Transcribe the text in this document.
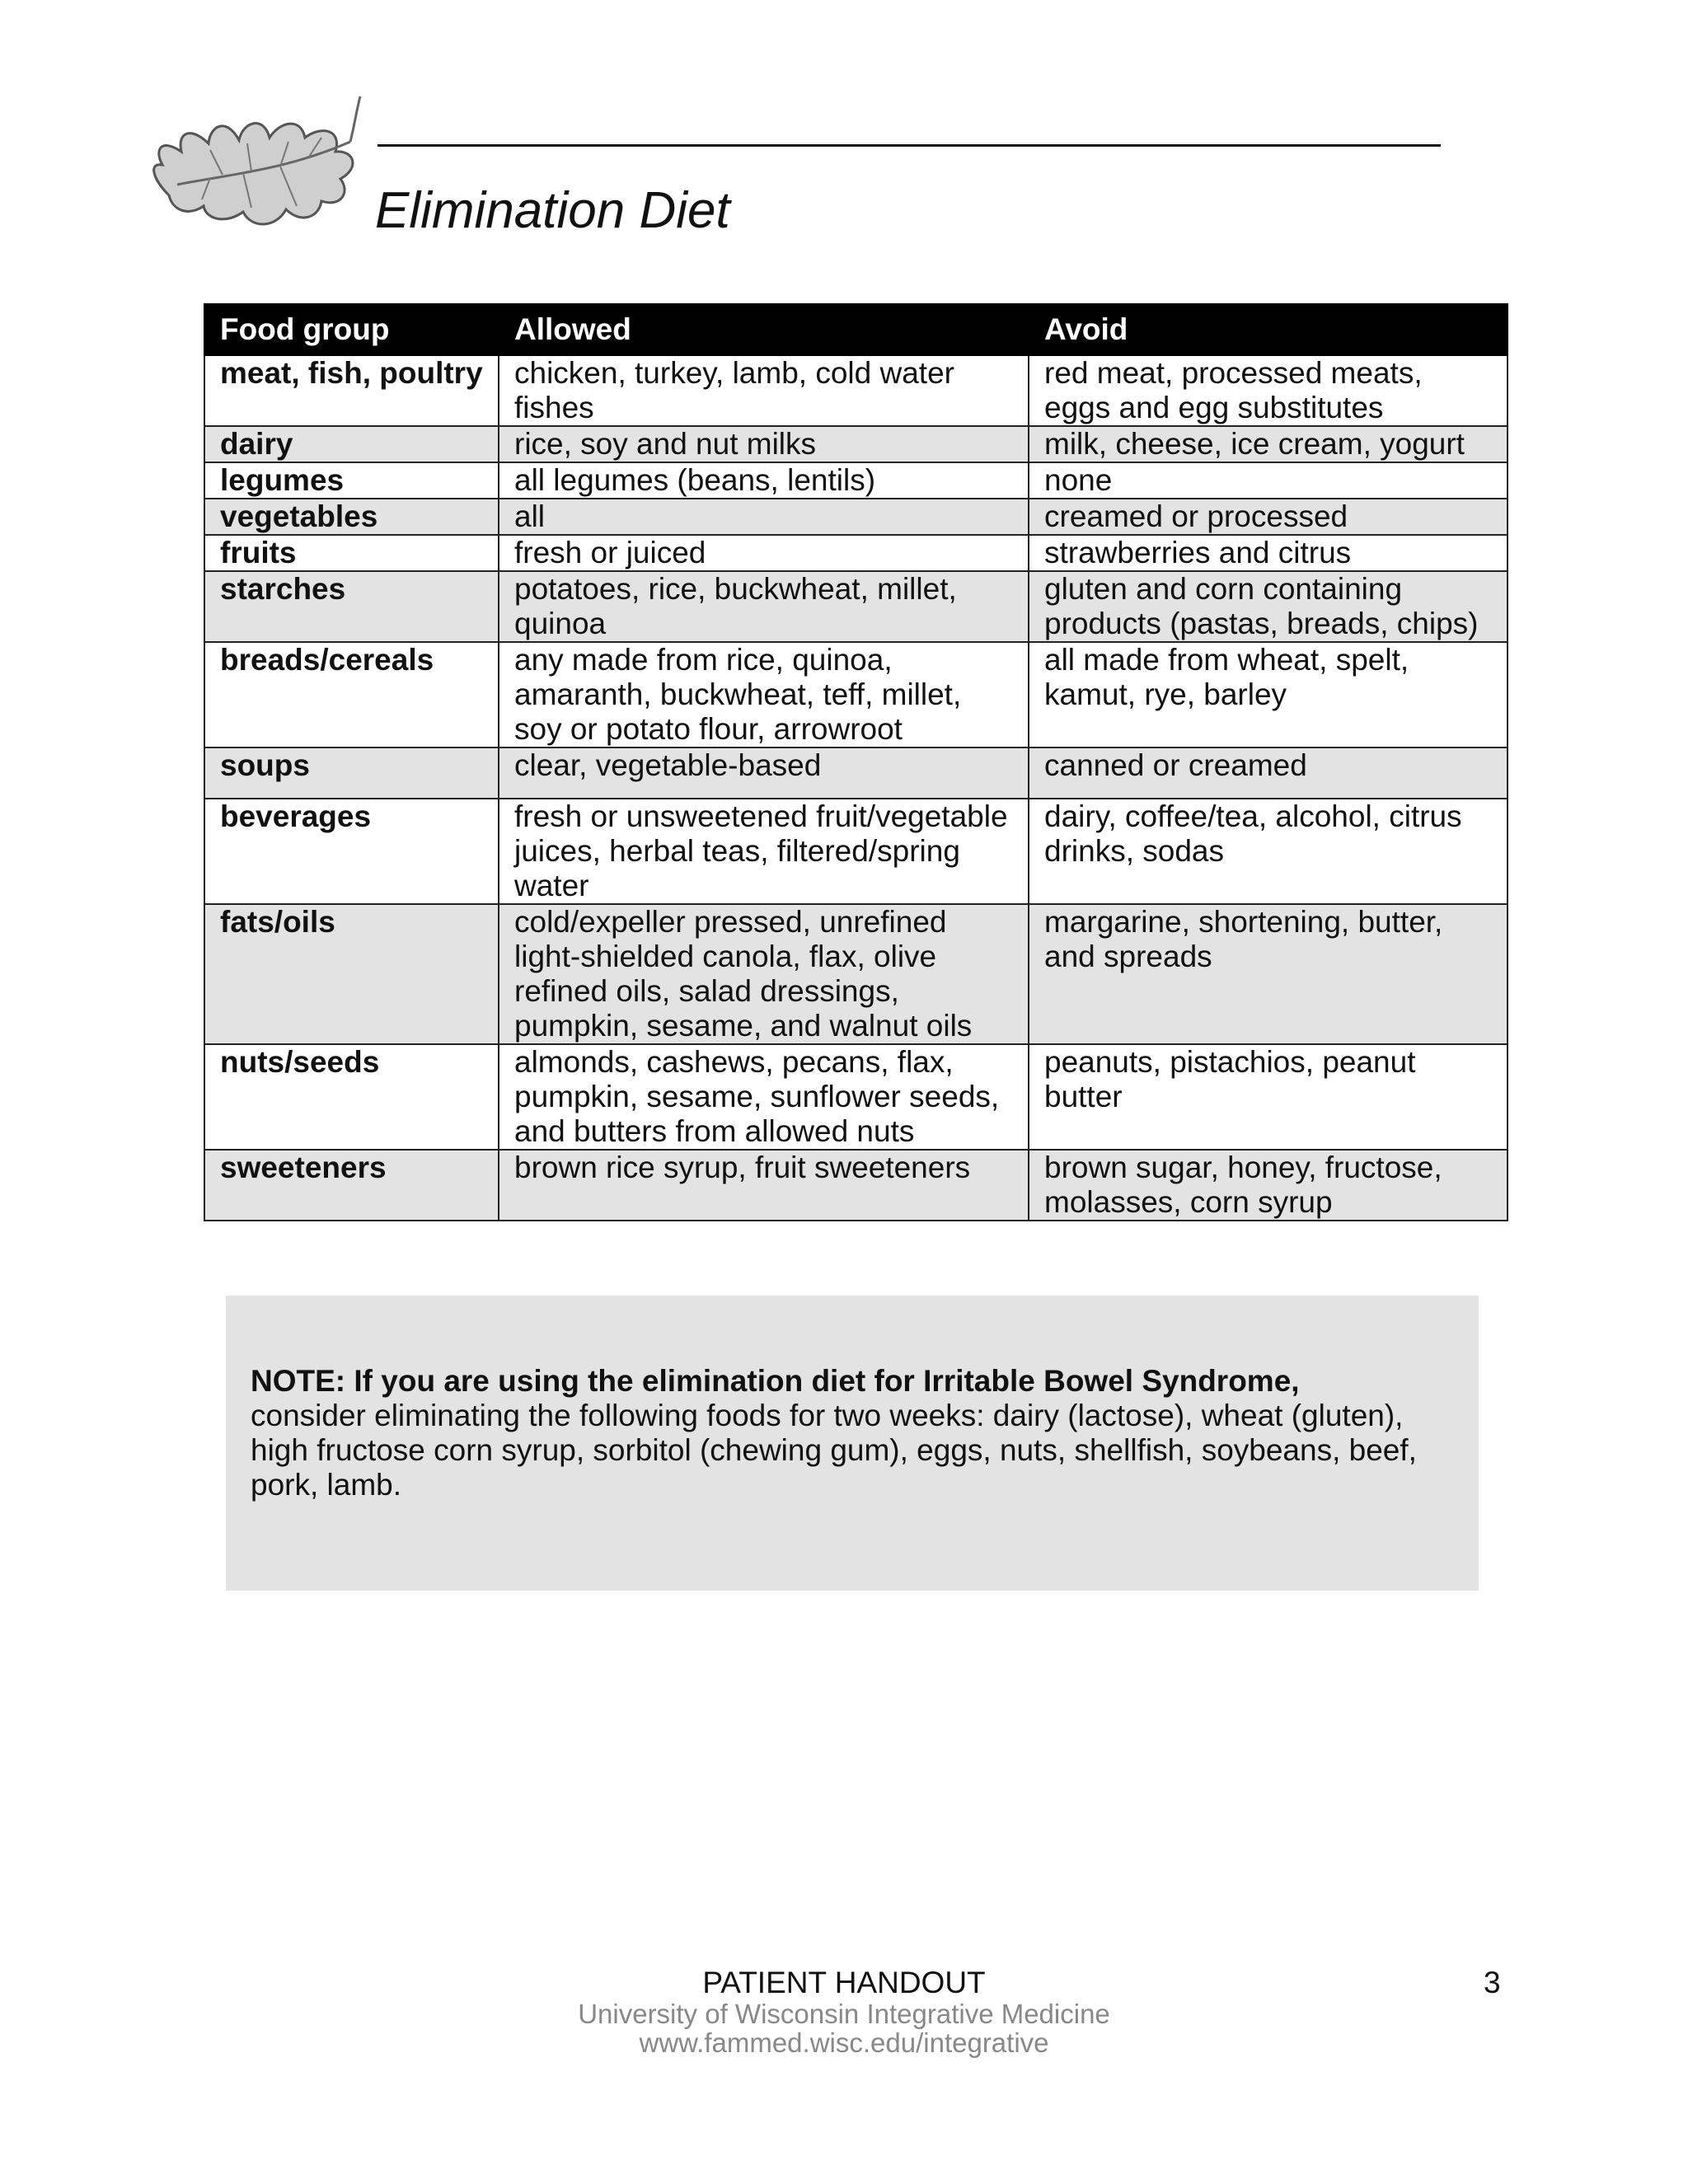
Elimination Diet
Food group	Allowed	Avoid
meat, fish, poultry	chicken, turkey, lamb, cold water fishes	red meat, processed meats, eggs and egg substitutes
dairy	rice, soy and nut milks	milk, cheese, ice cream, yogurt
legumes	all legumes (beans, lentils)	none
vegetables	all	creamed or processed
fruits	fresh or juiced	strawberries and citrus
starches	potatoes, rice, buckwheat, millet, quinoa	gluten and corn containing products (pastas, breads, chips)
breads/cereals	any made from rice, quinoa, amaranth, buckwheat, teff, millet, soy or potato flour, arrowroot	all made from wheat, spelt, kamut, rye, barley
soups	clear, vegetable-based	canned or creamed
beverages	fresh or unsweetened fruit/vegetable juices, herbal teas, filtered/spring water	dairy, coffee/tea, alcohol, citrus drinks, sodas
fats/oils	cold/expeller pressed, unrefined light-shielded canola, flax, olive refined oils, salad dressings, pumpkin, sesame, and walnut oils	margarine, shortening, butter, and spreads
nuts/seeds	almonds, cashews, pecans, flax, pumpkin, sesame, sunflower seeds, and butters from allowed nuts	peanuts, pistachios, peanut butter
sweeteners	brown rice syrup, fruit sweeteners	brown sugar, honey, fructose, molasses, corn syrup

NOTE: If you are using the elimination diet for Irritable Bowel Syndrome,
consider eliminating the following foods for two weeks: dairy (lactose), wheat (gluten), high fructose corn syrup, sorbitol (chewing gum), eggs, nuts, shellfish, soybeans, beef, pork, lamb.

PATIENT HANDOUT
University of Wisconsin Integrative Medicine
www.fammed.wisc.edu/integrative
3
